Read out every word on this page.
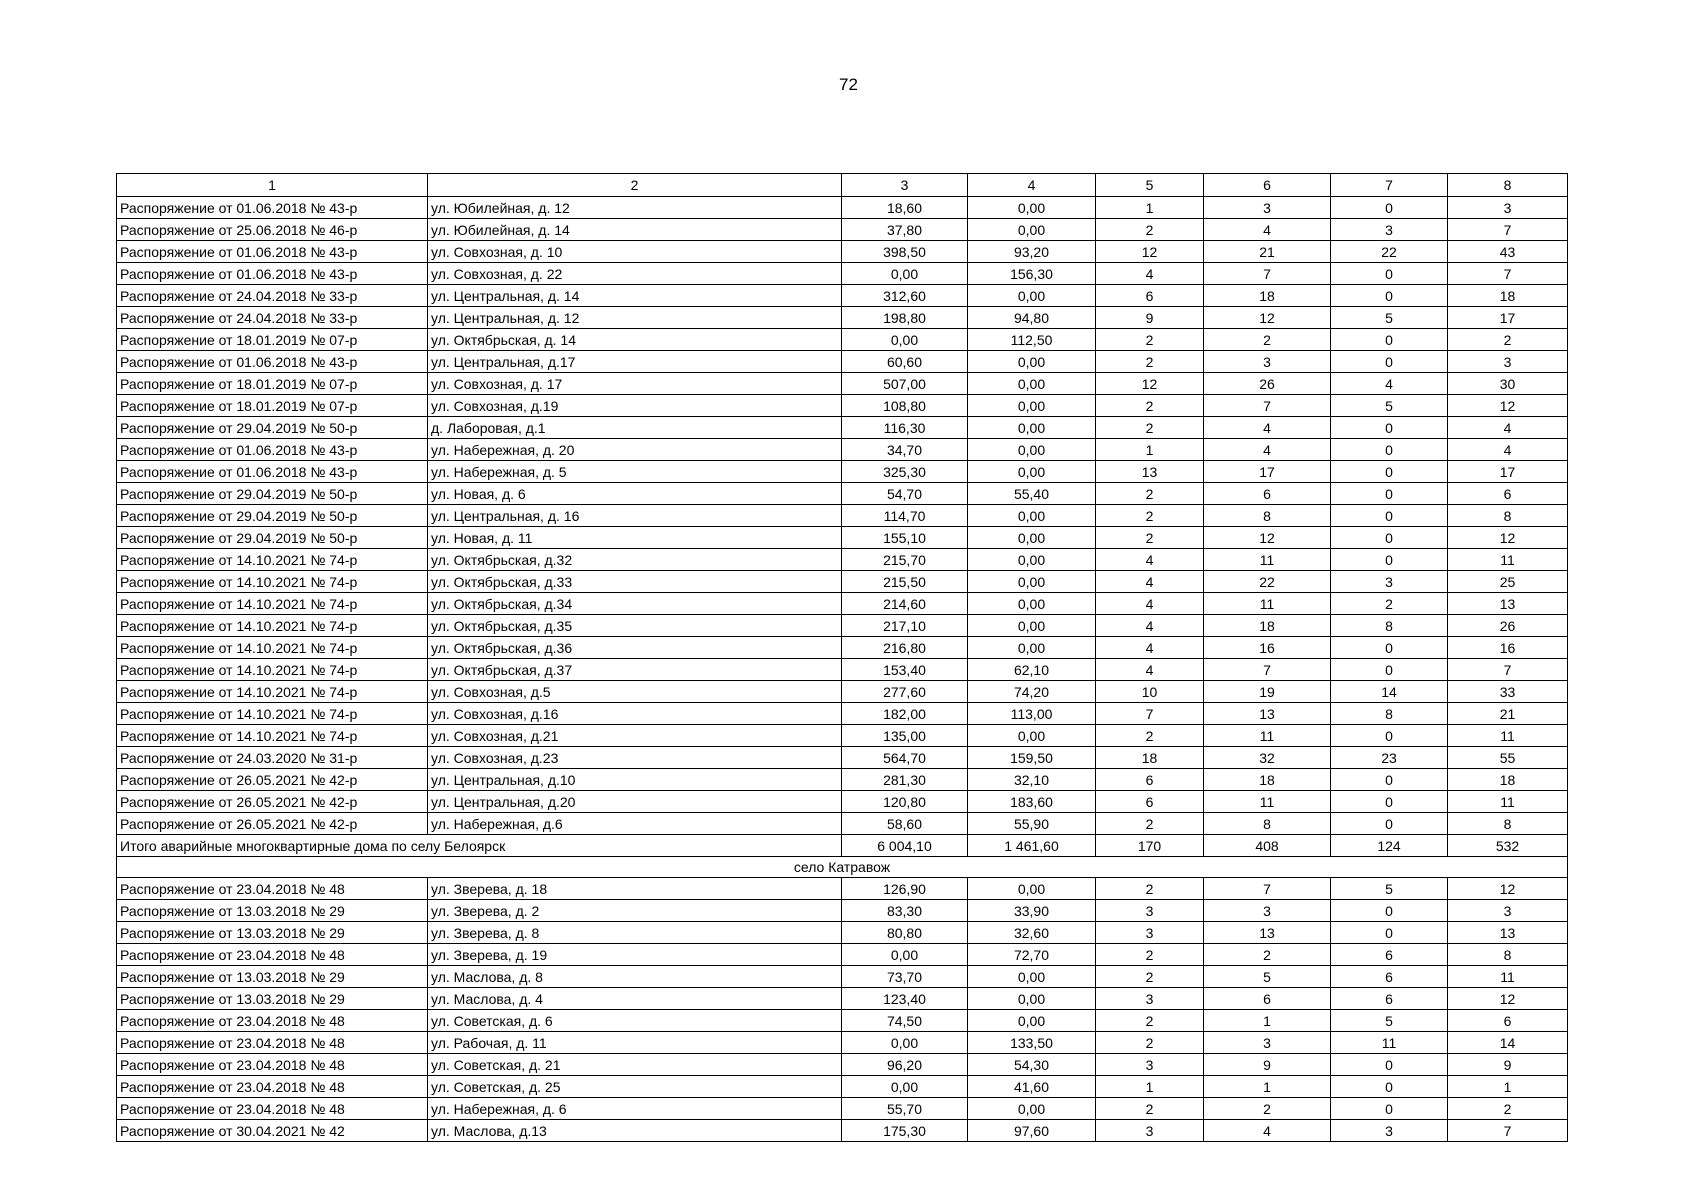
72
1	2	3	4	5	6	7	8
Распоряжение от 01.06.2018 № 43-р	ул. Юбилейная, д. 12	18,60	0,00	1	3	0	3
Распоряжение от 25.06.2018 № 46-р	ул. Юбилейная, д. 14	37,80	0,00	2	4	3	7
Распоряжение от 01.06.2018 № 43-р	ул. Совхозная, д. 10	398,50	93,20	12	21	22	43
Распоряжение от 01.06.2018 № 43-р	ул. Совхозная, д. 22	0,00	156,30	4	7	0	7
Распоряжение от 24.04.2018 № 33-р	ул. Центральная, д. 14	312,60	0,00	6	18	0	18
Распоряжение от 24.04.2018 № 33-р	ул. Центральная, д. 12	198,80	94,80	9	12	5	17
Распоряжение от 18.01.2019 № 07-р	ул. Октябрьская, д. 14	0,00	112,50	2	2	0	2
Распоряжение от 01.06.2018 № 43-р	ул. Центральная, д.17	60,60	0,00	2	3	0	3
Распоряжение от 18.01.2019 № 07-р	ул. Совхозная, д. 17	507,00	0,00	12	26	4	30
Распоряжение от 18.01.2019 № 07-р	ул. Совхозная, д.19	108,80	0,00	2	7	5	12
Распоряжение от 29.04.2019 № 50-р	д. Лаборовая, д.1	116,30	0,00	2	4	0	4
Распоряжение от 01.06.2018 № 43-р	ул. Набережная, д. 20	34,70	0,00	1	4	0	4
Распоряжение от 01.06.2018 № 43-р	ул. Набережная, д. 5	325,30	0,00	13	17	0	17
Распоряжение от 29.04.2019 № 50-р	ул. Новая, д. 6	54,70	55,40	2	6	0	6
Распоряжение от 29.04.2019 № 50-р	ул. Центральная, д. 16	114,70	0,00	2	8	0	8
Распоряжение от 29.04.2019 № 50-р	ул. Новая, д. 11	155,10	0,00	2	12	0	12
Распоряжение от 14.10.2021 № 74-р	ул. Октябрьская, д.32	215,70	0,00	4	11	0	11
Распоряжение от 14.10.2021 № 74-р	ул. Октябрьская, д.33	215,50	0,00	4	22	3	25
Распоряжение от 14.10.2021 № 74-р	ул. Октябрьская, д.34	214,60	0,00	4	11	2	13
Распоряжение от 14.10.2021 № 74-р	ул. Октябрьская, д.35	217,10	0,00	4	18	8	26
Распоряжение от 14.10.2021 № 74-р	ул. Октябрьская, д.36	216,80	0,00	4	16	0	16
Распоряжение от 14.10.2021 № 74-р	ул. Октябрьская, д.37	153,40	62,10	4	7	0	7
Распоряжение от 14.10.2021 № 74-р	ул. Совхозная, д.5	277,60	74,20	10	19	14	33
Распоряжение от 14.10.2021 № 74-р	ул. Совхозная, д.16	182,00	113,00	7	13	8	21
Распоряжение от 14.10.2021 № 74-р	ул. Совхозная, д.21	135,00	0,00	2	11	0	11
Распоряжение от 24.03.2020 № 31-р	ул. Совхозная, д.23	564,70	159,50	18	32	23	55
Распоряжение от 26.05.2021 № 42-р	ул. Центральная, д.10	281,30	32,10	6	18	0	18
Распоряжение от 26.05.2021 № 42-р	ул. Центральная, д.20	120,80	183,60	6	11	0	11
Распоряжение от 26.05.2021 № 42-р	ул. Набережная, д.6	58,60	55,90	2	8	0	8
Итого аварийные многоквартирные дома по селу Белоярск		6 004,10	1 461,60	170	408	124	532
село Катравож							
Распоряжение от 23.04.2018 № 48	ул. Зверева, д. 18	126,90	0,00	2	7	5	12
Распоряжение от 13.03.2018 № 29	ул. Зверева, д. 2	83,30	33,90	3	3	0	3
Распоряжение от 13.03.2018 № 29	ул. Зверева, д. 8	80,80	32,60	3	13	0	13
Распоряжение от 23.04.2018 № 48	ул. Зверева, д. 19	0,00	72,70	2	2	6	8
Распоряжение от 13.03.2018 № 29	ул. Маслова, д. 8	73,70	0,00	2	5	6	11
Распоряжение от 13.03.2018 № 29	ул. Маслова, д. 4	123,40	0,00	3	6	6	12
Распоряжение от 23.04.2018 № 48	ул. Советская, д. 6	74,50	0,00	2	1	5	6
Распоряжение от 23.04.2018 № 48	ул. Рабочая, д. 11	0,00	133,50	2	3	11	14
Распоряжение от 23.04.2018 № 48	ул. Советская, д. 21	96,20	54,30	3	9	0	9
Распоряжение от 23.04.2018 № 48	ул. Советская, д. 25	0,00	41,60	1	1	0	1
Распоряжение от 23.04.2018 № 48	ул. Набережная, д. 6	55,70	0,00	2	2	0	2
Распоряжение от 30.04.2021 № 42	ул. Маслова, д.13	175,30	97,60	3	4	3	7
